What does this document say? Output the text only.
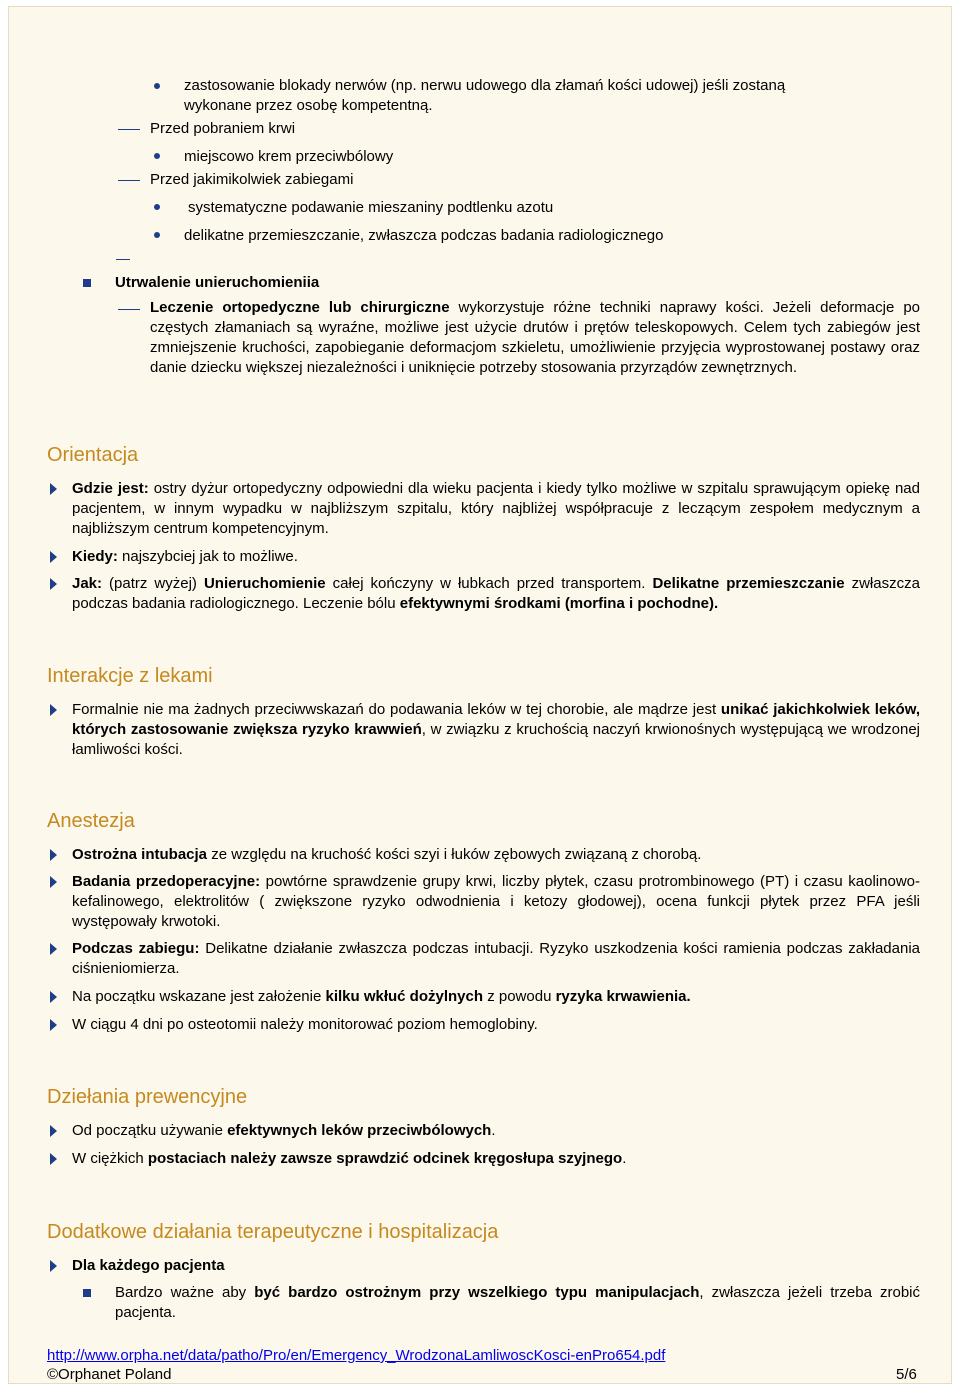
zastosowanie blokady nerwów (np. nerwu udowego dla złamań kości udowej) jeśli zostaną
wykonane przez osobę kompetentną.
Przed pobraniem krwi
miejscowo krem przeciwbólowy
Przed jakimikolwiek zabiegami
systematyczne podawanie mieszaniny podtlenku azotu
delikatne przemieszczanie, zwłaszcza podczas badania radiologicznego
Utrwalenie unieruchomieniia
Leczenie ortopedyczne lub chirurgiczne wykorzystuje różne techniki naprawy kości. Jeżeli deformacje po częstych złamaniach są wyraźne, możliwe jest użycie drutów i prętów teleskopowych. Celem tych zabiegów jest zmniejszenie kruchości, zapobieganie deformacjom szkieletu, umożliwienie przyjęcia wyprostowanej postawy oraz danie dziecku większej niezależności i uniknięcie potrzeby stosowania przyrządów zewnętrznych.
Orientacja
Gdzie jest: ostry dyżur ortopedyczny odpowiedni dla wieku pacjenta i kiedy tylko możliwe w szpitalu sprawującym opiekę nad pacjentem, w innym wypadku w najbliższym szpitalu, który najbliżej współpracuje z leczącym zespołem medycznym a najbliższym centrum kompetencyjnym.
Kiedy: najszybciej jak to możliwe.
Jak: (patrz wyżej) Unieruchomienie całej kończyny w łubkach przed transportem. Delikatne przemieszczanie zwłaszcza podczas badania radiologicznego. Leczenie bólu efektywnymi środkami (morfina i pochodne).
Interakcje z lekami
Formalnie nie ma żadnych przeciwwskazań do podawania leków w tej chorobie, ale mądrze jest unikać jakichkolwiek leków, których zastosowanie zwiększa ryzyko krawwień, w związku z kruchością naczyń krwionośnych występującą we wrodzonej łamliwości kości.
Anestezja
Ostrożna intubacja ze względu na kruchość kości szyi i łuków zębowych związaną z chorobą.
Badania przedoperacyjne: powtórne sprawdzenie grupy krwi, liczby płytek, czasu protrombinowego (PT) i czasu kaolinowo-kefalinowego, elektrolitów ( zwiększone ryzyko odwodnienia i ketozy głodowej), ocena funkcji płytek przez PFA jeśli występowały krwotoki.
Podczas zabiegu: Delikatne działanie zwłaszcza podczas intubacji. Ryzyko uszkodzenia kości ramienia podczas zakładania ciśnieniomierza.
Na początku wskazane jest założenie kilku wkłuć dożylnych z powodu ryzyka krwawienia.
W ciągu 4 dni po osteotomii należy monitorować poziom hemoglobiny.
Dziełania prewencyjne
Od początku używanie efektywnych leków przeciwbólowych.
W ciężkich postaciach należy zawsze sprawdzić odcinek kręgosłupa szyjnego.
Dodatkowe działania terapeutyczne i hospitalizacja
Dla każdego pacjenta
Bardzo ważne aby być bardzo ostrożnym przy wszelkiego typu manipulacjach, zwłaszcza jeżeli trzeba zrobić pacjenta.
http://www.orpha.net/data/patho/Pro/en/Emergency_WrodzonaLamliwoscKosci-enPro654.pdf
©Orphanet Poland	5/6
